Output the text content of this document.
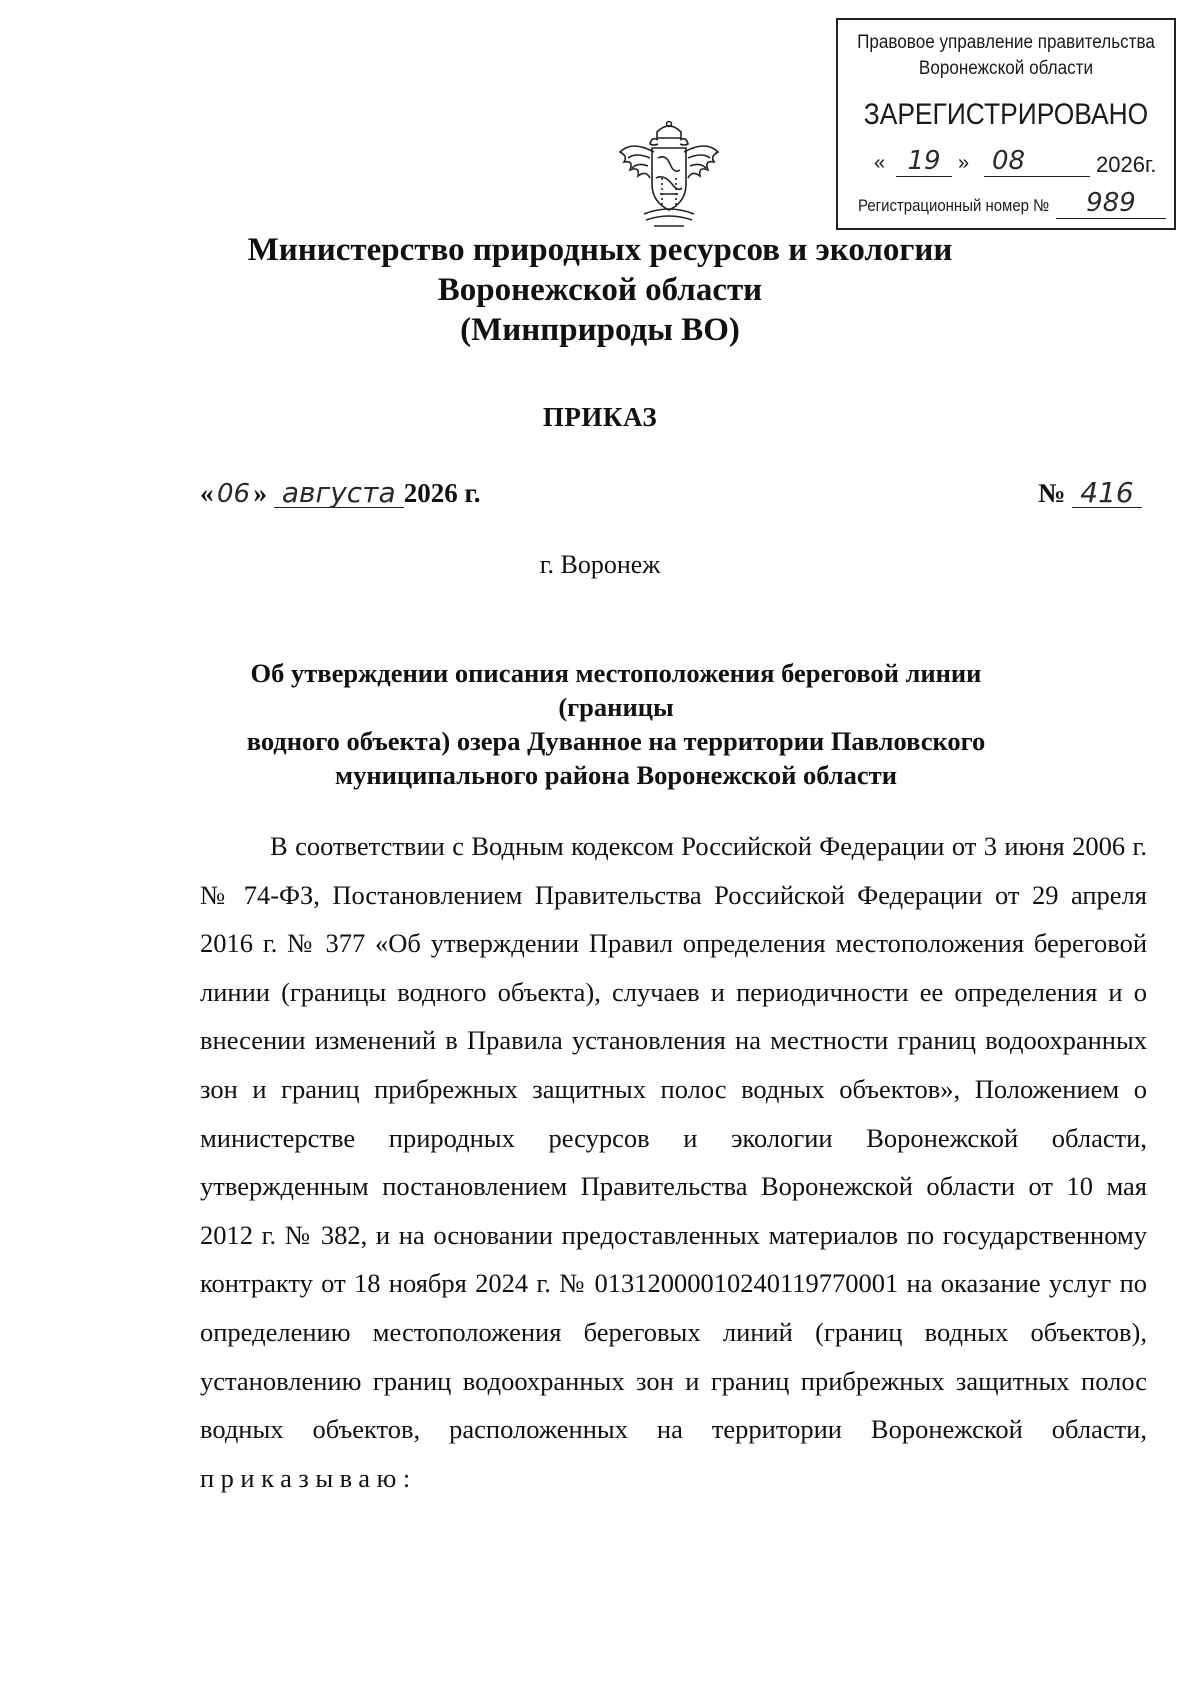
Правовое управление правительства
Воронежской области
ЗАРЕГИСТРИРОВАНО
« 19 » 08	2026г.
Регистрационный номер №	989
Министерство природных ресурсов и экологии
Воронежской области
(Минприроды ВО)
ПРИКАЗ
« 06 » августа 2026 г.	№ 416
г. Воронеж
Об утверждении описания местоположения береговой линии (границы
водного объекта) озера Дуванное на территории Павловского
муниципального района Воронежской области
В соответствии с Водным кодексом Российской Федерации от 3 июня 2006 г. № 74-ФЗ, Постановлением Правительства Российской Федерации от 29 апреля 2016 г. № 377 «Об утверждении Правил определения местоположения береговой линии (границы водного объекта), случаев и периодичности ее определения и о внесении изменений в Правила установления на местности границ водоохранных зон и границ прибрежных защитных полос водных объектов», Положением о министерстве природных ресурсов и экологии Воронежской области, утвержденным постановлением Правительства Воронежской области от 10 мая 2012 г. № 382, и на основании предоставленных материалов по государственному контракту от 18 ноября 2024 г. № 01312000010240119770001 на оказание услуг по определению местоположения береговых линий (границ водных объектов), установлению границ водоохранных зон и границ прибрежных защитных полос водных объектов, расположенных на территории Воронежской области, приказываю:
